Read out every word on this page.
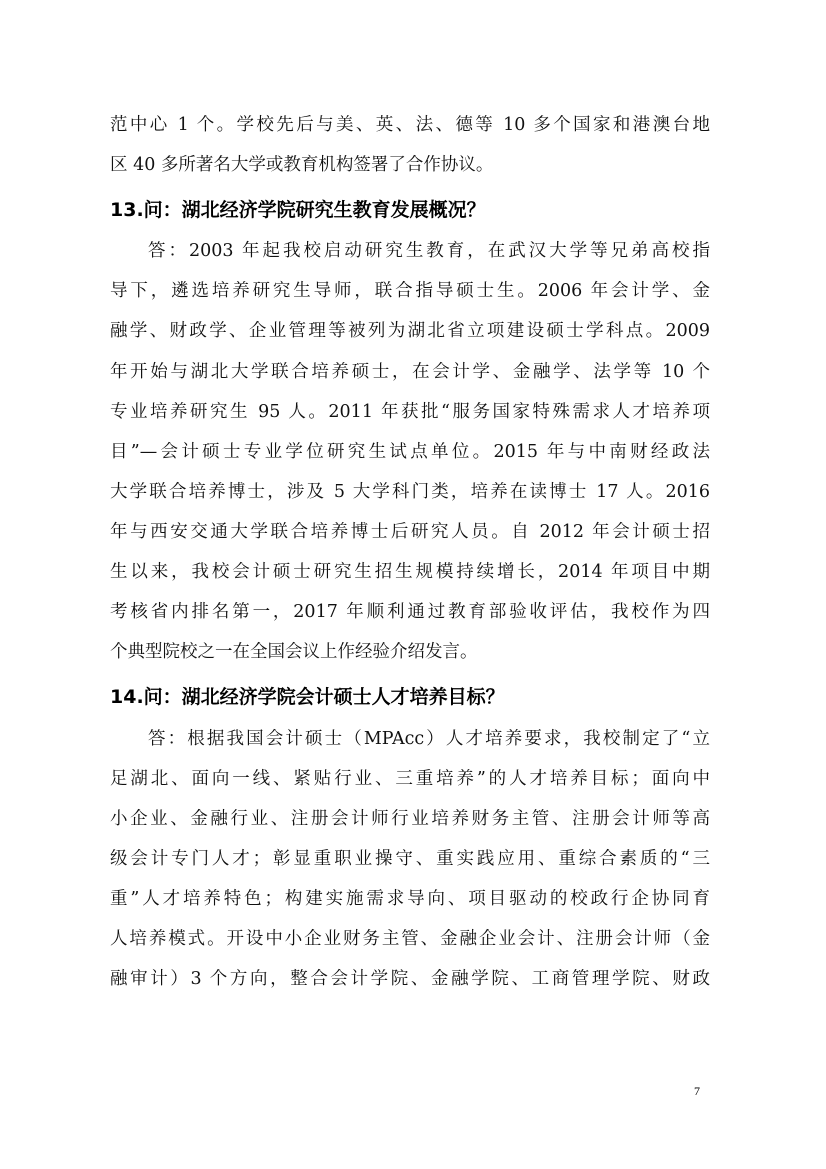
范中心 1 个。学校先后与美、英、法、德等 10 多个国家和港澳台地

区 40 多所著名大学或教育机构签署了合作协议。

13.问：湖北经济学院研究生教育发展概况？

答：2003 年起我校启动研究生教育，在武汉大学等兄弟高校指

导下，遴选培养研究生导师，联合指导硕士生。2006 年会计学、金

融学、财政学、企业管理等被列为湖北省立项建设硕士学科点。2009

年开始与湖北大学联合培养硕士，在会计学、金融学、法学等 10 个

专业培养研究生 95 人。2011 年获批“服务国家特殊需求人才培养项

目”—会计硕士专业学位研究生试点单位。2015 年与中南财经政法

大学联合培养博士，涉及 5 大学科门类，培养在读博士 17 人。2016

年与西安交通大学联合培养博士后研究人员。自 2012 年会计硕士招

生以来，我校会计硕士研究生招生规模持续增长，2014 年项目中期

考核省内排名第一，2017 年顺利通过教育部验收评估，我校作为四

个典型院校之一在全国会议上作经验介绍发言。

14.问：湖北经济学院会计硕士人才培养目标？

答：根据我国会计硕士（MPAcc）人才培养要求，我校制定了“立

足湖北、面向一线、紧贴行业、三重培养”的人才培养目标；面向中

小企业、金融行业、注册会计师行业培养财务主管、注册会计师等高

级会计专门人才；彰显重职业操守、重实践应用、重综合素质的“三

重”人才培养特色；构建实施需求导向、项目驱动的校政行企协同育

人培养模式。开设中小企业财务主管、金融企业会计、注册会计师（金

融审计）3 个方向，整合会计学院、金融学院、工商管理学院、财政

7
